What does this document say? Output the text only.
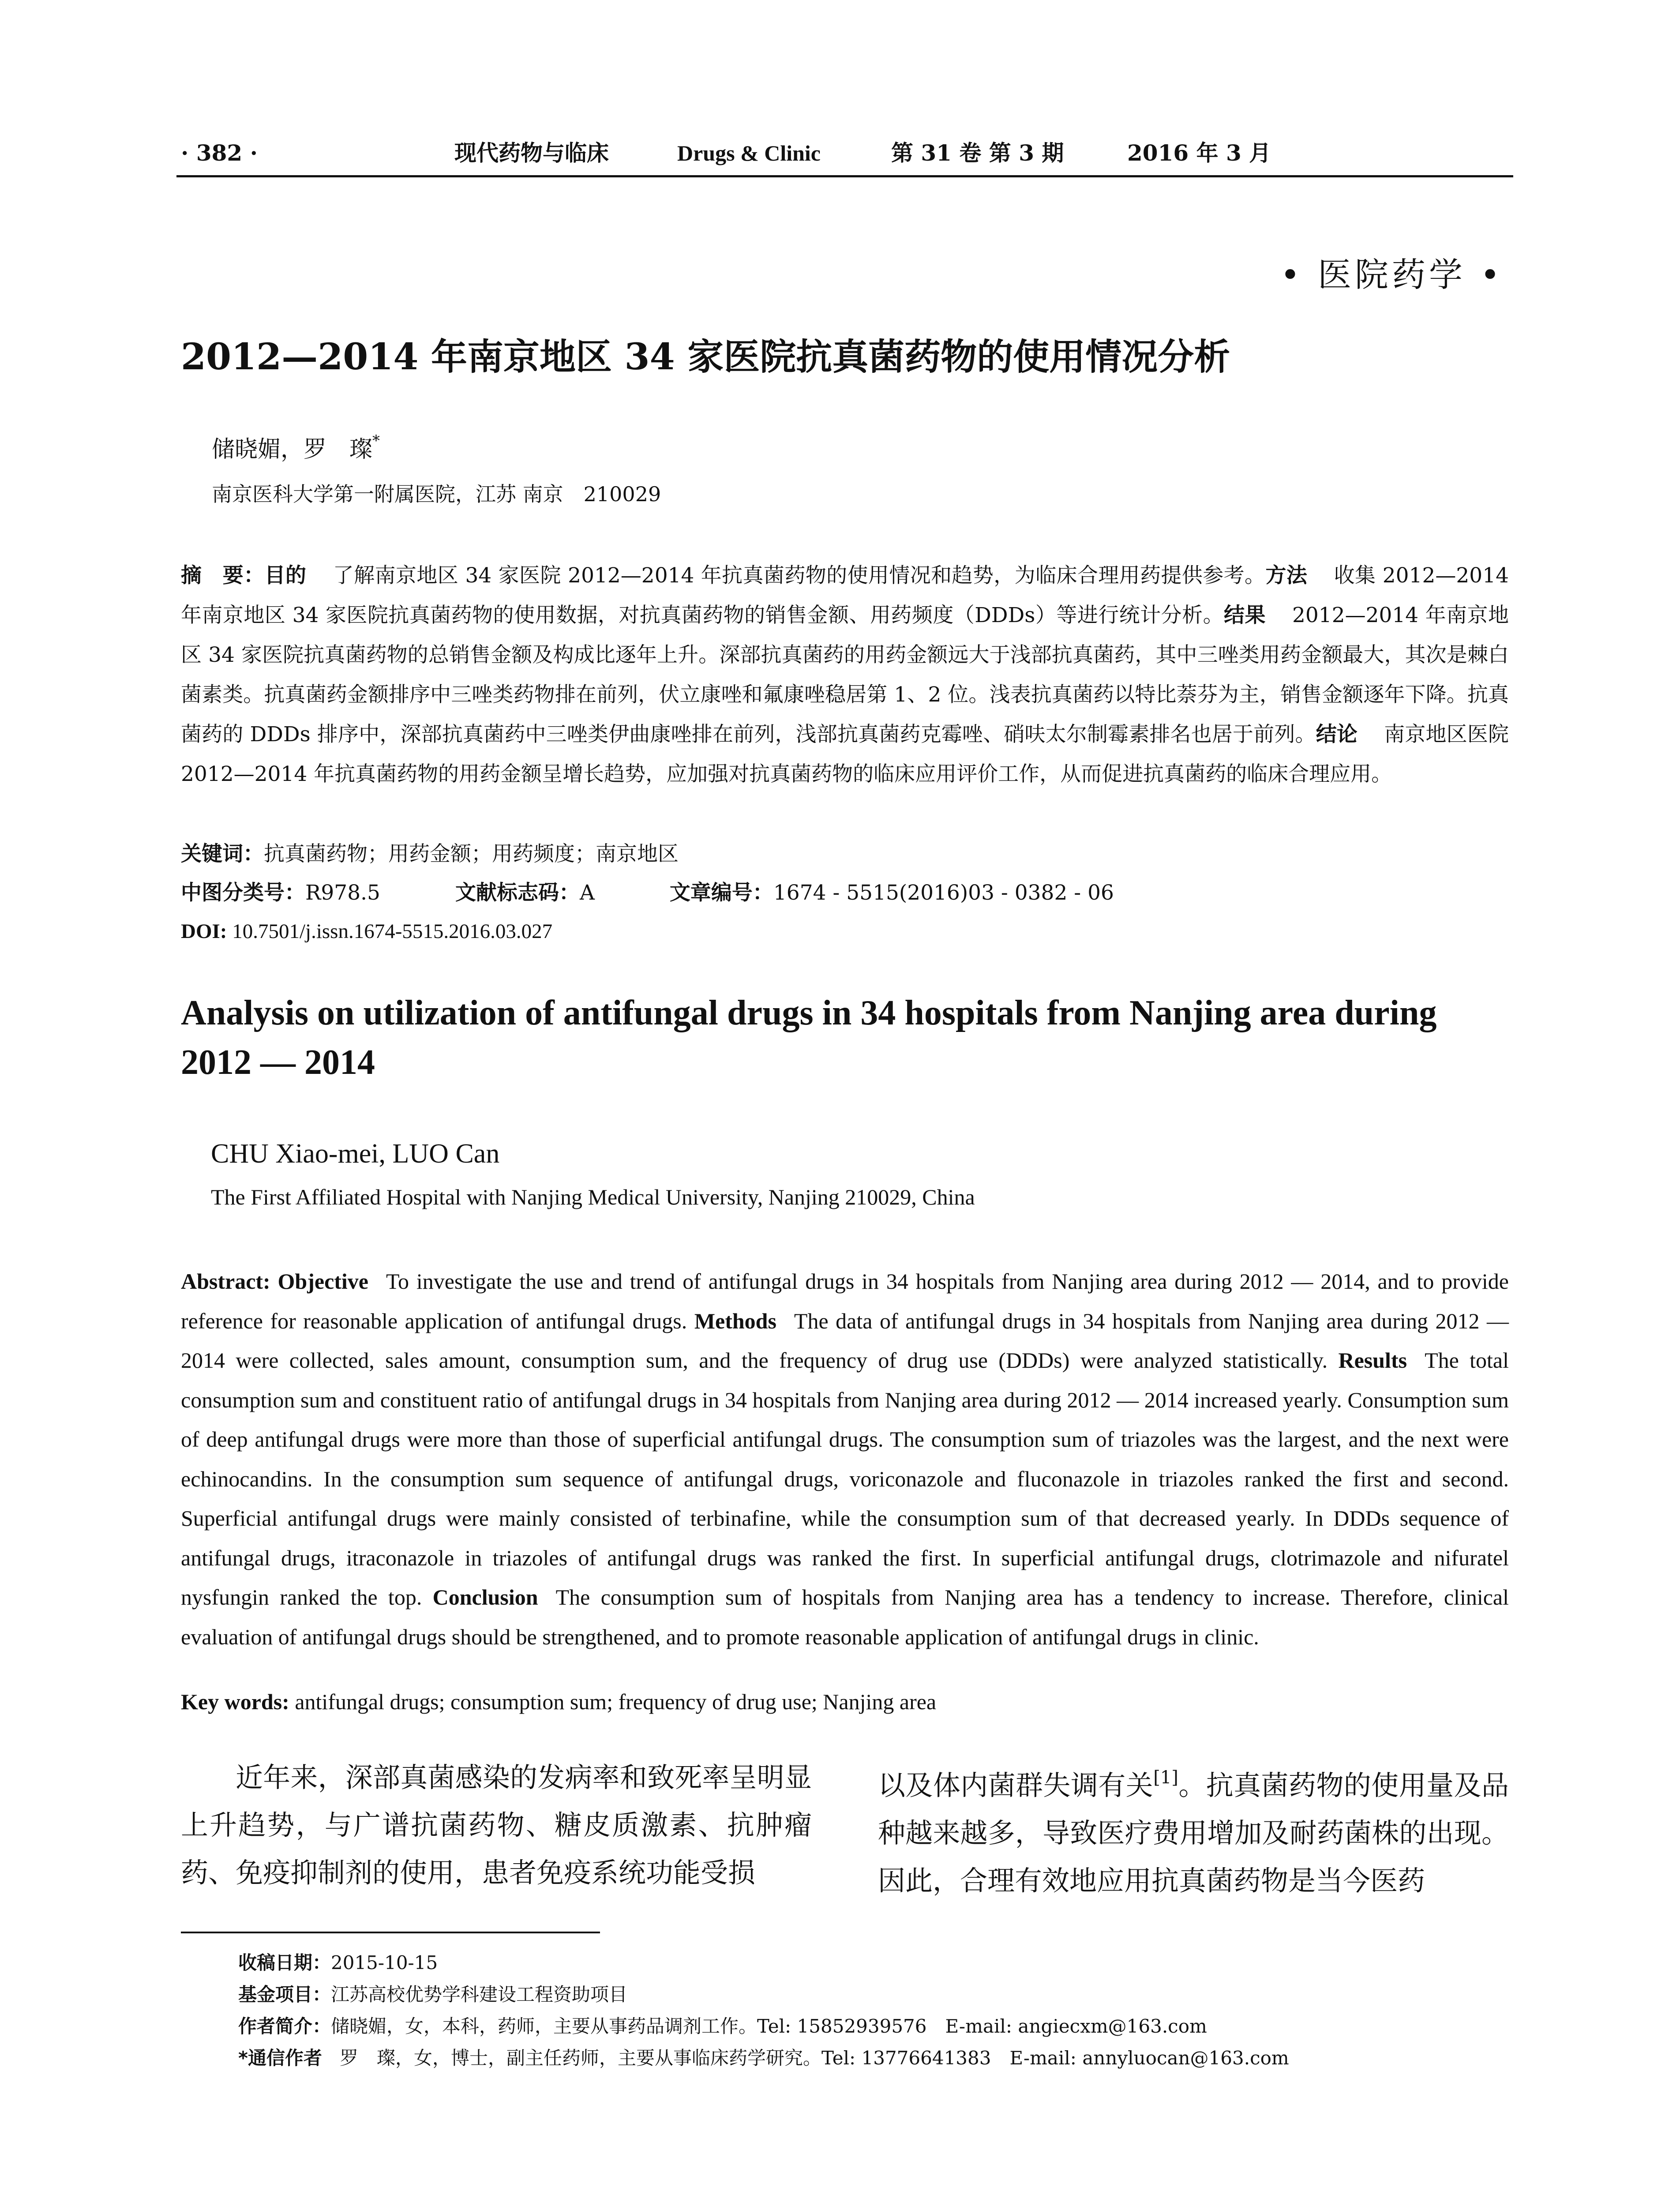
· 382 ·	现代药物与临床	Drugs & Clinic	第 31 卷 第 3 期	2016 年 3 月
• 医院药学 •
2012—2014 年南京地区 34 家医院抗真菌药物的使用情况分析
储晓媚，罗　璨*
南京医科大学第一附属医院，江苏 南京　210029
摘　要：目的 了解南京地区 34 家医院 2012—2014 年抗真菌药物的使用情况和趋势，为临床合理用药提供参考。方法 收集 2012—2014 年南京地区 34 家医院抗真菌药物的使用数据，对抗真菌药物的销售金额、用药频度（DDDs）等进行统计分析。结果 2012—2014 年南京地区 34 家医院抗真菌药物的总销售金额及构成比逐年上升。深部抗真菌药的用药金额远大于浅部抗真菌药，其中三唑类用药金额最大，其次是棘白菌素类。抗真菌药金额排序中三唑类药物排在前列，伏立康唑和氟康唑稳居第 1、2 位。浅表抗真菌药以特比萘芬为主，销售金额逐年下降。抗真菌药的 DDDs 排序中，深部抗真菌药中三唑类伊曲康唑排在前列，浅部抗真菌药克霉唑、硝呋太尔制霉素排名也居于前列。结论 南京地区医院 2012—2014 年抗真菌药物的用药金额呈增长趋势，应加强对抗真菌药物的临床应用评价工作，从而促进抗真菌药的临床合理应用。
关键词：抗真菌药物；用药金额；用药频度；南京地区
中图分类号：R978.5	文献标志码：A	文章编号：1674 - 5515(2016)03 - 0382 - 06
DOI: 10.7501/j.issn.1674-5515.2016.03.027
Analysis on utilization of antifungal drugs in 34 hospitals from Nanjing area during 2012 — 2014
CHU Xiao-mei, LUO Can
The First Affiliated Hospital with Nanjing Medical University, Nanjing 210029, China
Abstract: Objective To investigate the use and trend of antifungal drugs in 34 hospitals from Nanjing area during 2012 — 2014, and to provide reference for reasonable application of antifungal drugs. Methods The data of antifungal drugs in 34 hospitals from Nanjing area during 2012 — 2014 were collected, sales amount, consumption sum, and the frequency of drug use (DDDs) were analyzed statistically. Results The total consumption sum and constituent ratio of antifungal drugs in 34 hospitals from Nanjing area during 2012 — 2014 increased yearly. Consumption sum of deep antifungal drugs were more than those of superficial antifungal drugs. The consumption sum of triazoles was the largest, and the next were echinocandins. In the consumption sum sequence of antifungal drugs, voriconazole and fluconazole in triazoles ranked the first and second. Superficial antifungal drugs were mainly consisted of terbinafine, while the consumption sum of that decreased yearly. In DDDs sequence of antifungal drugs, itraconazole in triazoles of antifungal drugs was ranked the first. In superficial antifungal drugs, clotrimazole and nifuratel nysfungin ranked the top. Conclusion The consumption sum of hospitals from Nanjing area has a tendency to increase. Therefore, clinical evaluation of antifungal drugs should be strengthened, and to promote reasonable application of antifungal drugs in clinic.
Key words: antifungal drugs; consumption sum; frequency of drug use; Nanjing area
近年来，深部真菌感染的发病率和致死率呈明显上升趋势，与广谱抗菌药物、糖皮质激素、抗肿瘤药、免疫抑制剂的使用，患者免疫系统功能受损
以及体内菌群失调有关[1]。抗真菌药物的使用量及品种越来越多，导致医疗费用增加及耐药菌株的出现。因此，合理有效地应用抗真菌药物是当今医药
收稿日期：2015-10-15
基金项目：江苏高校优势学科建设工程资助项目
作者简介：储晓媚，女，本科，药师，主要从事药品调剂工作。Tel: 15852939576　E-mail: angiecxm@163.com
*通信作者 罗　璨，女，博士，副主任药师，主要从事临床药学研究。Tel: 13776641383　E-mail: annyluocan@163.com
